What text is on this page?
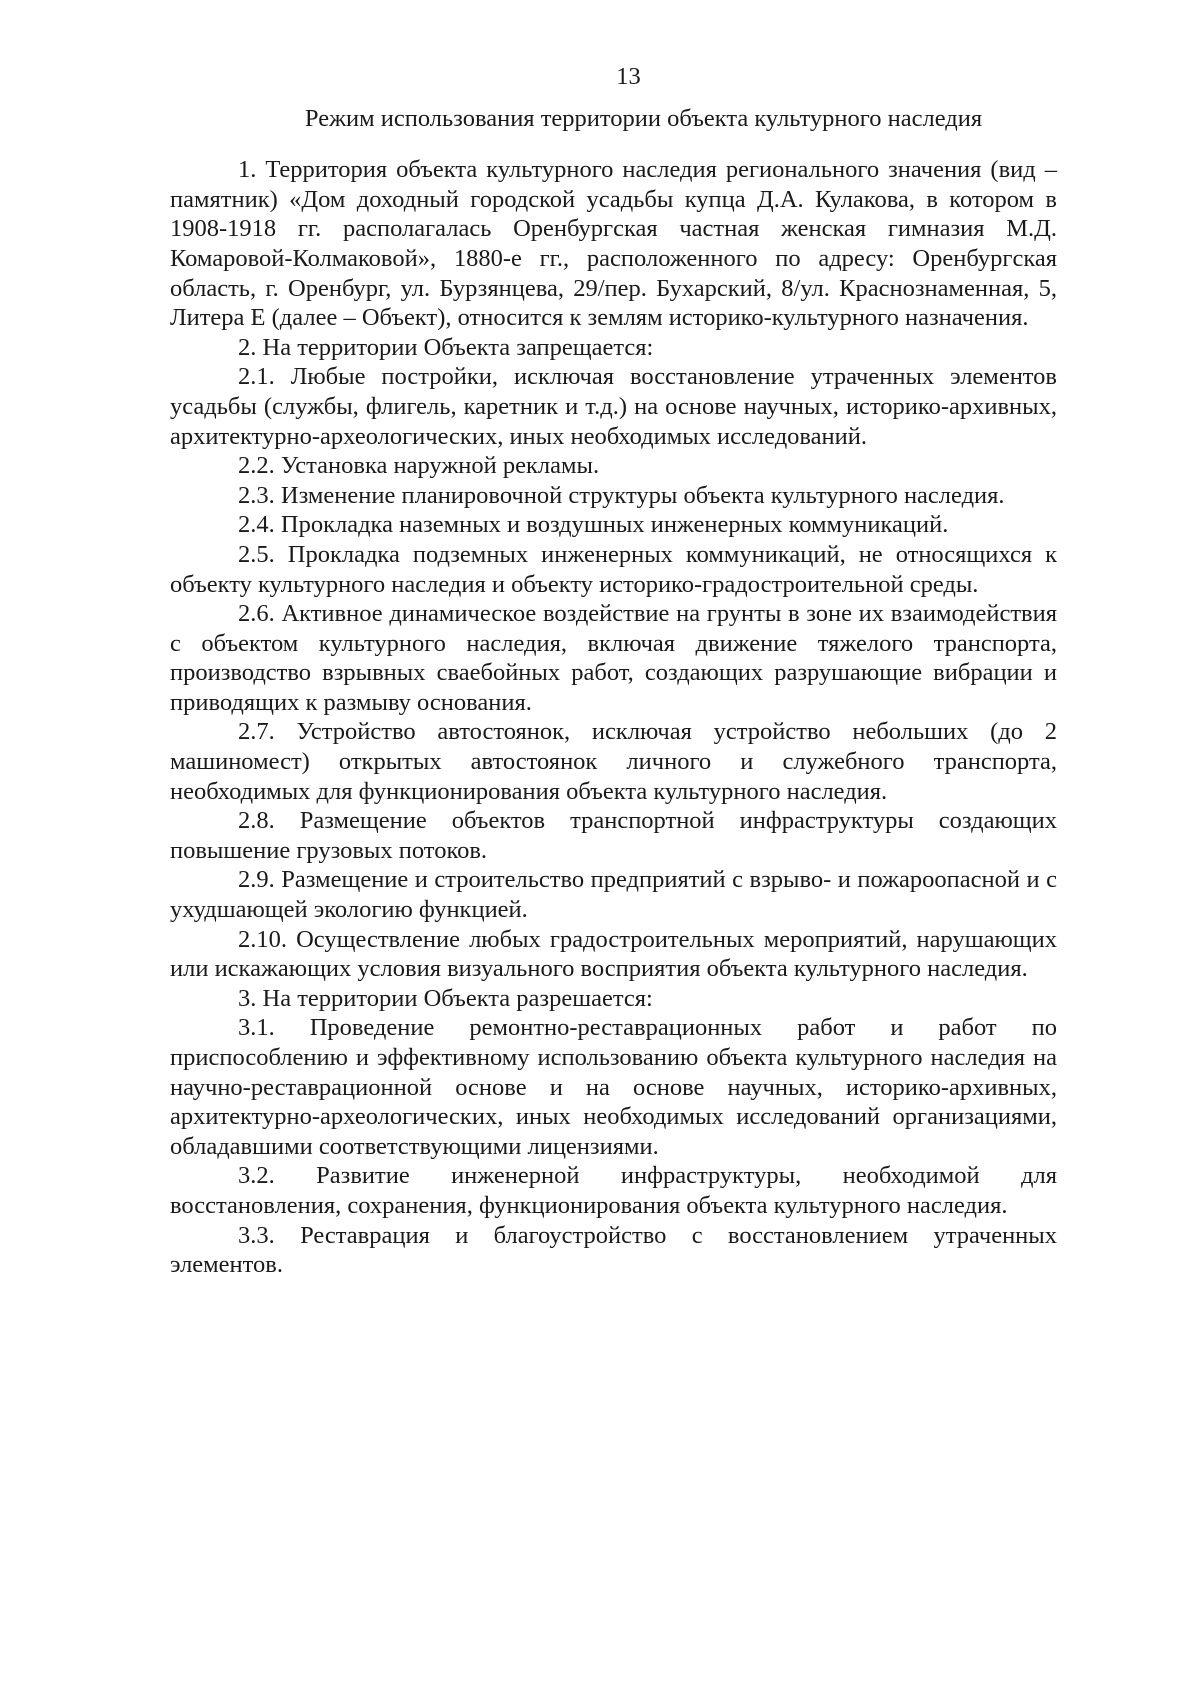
13
Режим использования территории объекта культурного наследия

1. Территория объекта культурного наследия регионального значения (вид – памятник) «Дом доходный городской усадьбы купца Д.А. Кулакова, в котором в 1908-1918 гг. располагалась Оренбургская частная женская гимназия М.Д. Комаровой-Колмаковой», 1880-е гг., расположенного по адресу: Оренбургская область, г. Оренбург, ул. Бурзянцева, 29/пер. Бухарский, 8/ул. Краснознаменная, 5, Литера Е (далее – Объект), относится к землям историко-культурного назначения.

2. На территории Объекта запрещается:

2.1. Любые постройки, исключая восстановление утраченных элементов усадьбы (службы, флигель, каретник и т.д.) на основе научных, историко-архивных, архитектурно-археологических, иных необходимых исследований.

2.2. Установка наружной рекламы.

2.3. Изменение планировочной структуры объекта культурного наследия.

2.4. Прокладка наземных и воздушных инженерных коммуникаций.

2.5. Прокладка подземных инженерных коммуникаций, не относящихся к объекту культурного наследия и объекту историко-градостроительной среды.

2.6. Активное динамическое воздействие на грунты в зоне их взаимодействия с объектом культурного наследия, включая движение тяжелого транспорта, производство взрывных сваебойных работ, создающих разрушающие вибрации и приводящих к размыву основания.

2.7. Устройство автостоянок, исключая устройство небольших (до 2 машиномест) открытых автостоянок личного и служебного транспорта, необходимых для функционирования объекта культурного наследия.

2.8. Размещение объектов транспортной инфраструктуры создающих повышение грузовых потоков.

2.9. Размещение и строительство предприятий с взрыво- и пожароопасной и с ухудшающей экологию функцией.

2.10. Осуществление любых градостроительных мероприятий, нарушающих или искажающих условия визуального восприятия объекта культурного наследия.

3. На территории Объекта разрешается:

3.1. Проведение ремонтно-реставрационных работ и работ по приспособлению и эффективному использованию объекта культурного наследия на научно-реставрационной основе и на основе научных, историко-архивных, архитектурно-археологических, иных необходимых исследований организациями, обладавшими соответствующими лицензиями.

3.2. Развитие инженерной инфраструктуры, необходимой для восстановления, сохранения, функционирования объекта культурного наследия.

3.3. Реставрация и благоустройство с восстановлением утраченных элементов.
